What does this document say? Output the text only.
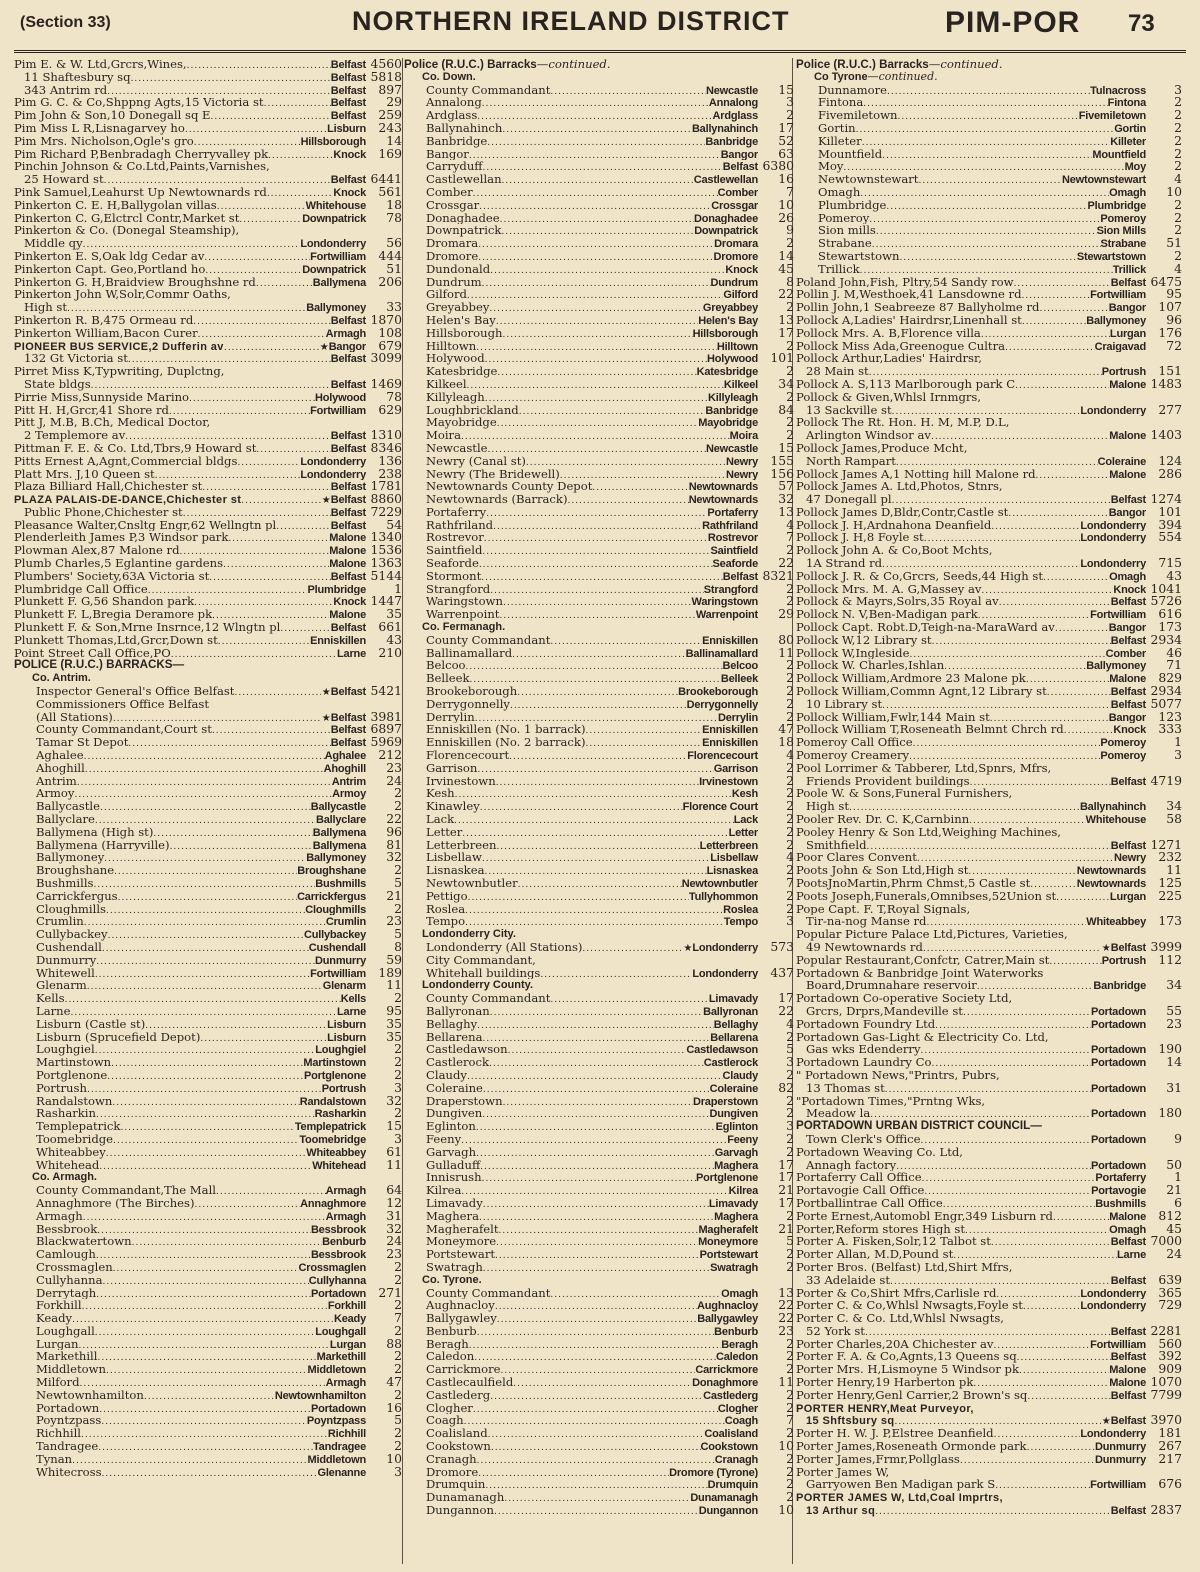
(Section 33)	NORTHERN IRELAND DISTRICT	PIM-POR 73
Pim E. & W. Ltd,Grcrs,Wines, .....	Belfast 4560
11 Shaftesbury sq .....	Belfast 5818
343 Antrim rd .....	Belfast 897
Pim G. C. & Co,Shppng Agts,15 Victoria st .....	Belfast	29
Pim John & Son,10 Donegall sq E .....	Belfast 259
Pim Miss L R,Lisnagarvey ho .....	Lisburn 243
Pim Mrs. Nicholson,Ogle's gro .....	Hillsborough	14
Pim Richard P,Benbradagh Cherryvalley pk .....	Knock 169
Pinchin Johnson & Co.Ltd,Paints,Varnishes,
25 Howard st .....	Belfast 6441
Pink Samuel,Leahurst Up Newtownards rd .....	Knock 561
Pinkerton C. E. H,Ballygolan villas .....	Whitehouse	18
Pinkerton C. G,Elctrcl Contr,Market st .....	Downpatrick	78
Pinkerton & Co. (Donegal Steamship),
Middle qy .....	Londonderry	56
Pinkerton E. S,Oak ldg Cedar av .....	Fortwilliam 444
Pinkerton Capt. Geo,Portland ho .....	Downpatrick	51
Pinkerton G. H,Braidview Broughshne rd .....	Ballymena 206
Pinkerton John W,Solr,Commr Oaths,
High st .....	Ballymoney	33
Pinkerton R. B,475 Ormeau rd .....	Belfast 1870
Pinkerton William,Bacon Curer .....	Armagh 108
PIONEER BUS SERVICE,2 Dufferin av .....	★ Bangor 679
132 Gt Victoria st .....	Belfast 3099
Pirret Miss K,Typwriting, Duplctng,
State bldgs .....	Belfast 1469
Pirrie Miss,Sunnyside Marino .....	Holywood	78
Pitt H. H,Grcr,41 Shore rd .....	Fortwilliam 629
Pitt J, M.B, B.Ch, Medical Doctor,
2 Templemore av .....	Belfast 1310
Pittman F. E. & Co. Ltd,Tbrs,9 Howard st .....	Belfast 8346
Pitts Ernest A,Agnt,Commercial bldgs .....	Londonderry 136
Platt Mrs. J,10 Queen st .....	Londonderry 238
Plaza Billiard Hall,Chichester st .....	Belfast 1781
PLAZA PALAIS-DE-DANCE,Chichester st .....	★ Belfast 8860
Public Phone,Chichester st .....	Belfast 7229
Pleasance Walter,Cnsltg Engr,62 Wellngtn pl .....	Belfast	54
Plenderleith James P,3 Windsor park .....	Malone 1340
Plowman Alex,87 Malone rd .....	Malone 1536
Plumb Charles,5 Eglantine gardens .....	Malone 1363
Plumbers' Society,63A Victoria st .....	Belfast 5144
Plumbridge Call Office .....	Plumbridge	1
Plunkett F. G,56 Shandon park .....	Knock 1447
Plunkett F. L,Bregia Deramore pk .....	Malone	35
Plunkett F. & Son,Mrne Insrnce,12 Wlngtn pl .....	Belfast 661
Plunkett Thomas,Ltd,Grcr,Down st .....	Enniskillen	43
Point Street Call Office,PO .....	Larne 210
POLICE (R.U.C.) BARRACKS—
Co. Antrim.
Inspector General's Office Belfast .....	★ Belfast 5421
Commissioners Office Belfast
(All Stations) .....	★ Belfast 3981
County Commandant,Court st .....	Belfast 6897
Tamar St Depot .....	Belfast 5969
Aghalee .....	Aghalee 212
Ahoghill .....	Ahoghill	23
Antrim .....	Antrim	24
Armoy .....	Armoy	2
Ballycastle .....	Ballycastle	2
Ballyclare .....	Ballyclare	22
Ballymena (High st) .....	Ballymena	96
Ballymena (Harryville) .....	Ballymena	81
Ballymoney .....	Ballymoney	32
Broughshane .....	Broughshane	2
Bushmills .....	Bushmills	5
Carrickfergus .....	Carrickfergus	21
Cloughmills .....	Cloughmills	2
Crumlin .....	Crumlin	23
Cullybackey .....	Cullybackey	5
Cushendall .....	Cushendall	8
Dunmurry .....	Dunmurry	59
Whitewell .....	Fortwilliam 189
Glenarm .....	Glenarm	11
Kells .....	Kells	2
Larne .....	Larne	95
Lisburn (Castle st) .....	Lisburn	35
Lisburn (Sprucefield Depot) .....	Lisburn	35
Loughgiel .....	Loughgiel	2
Martinstown .....	Martinstown	2
Portglenone .....	Portglenone	2
Portrush .....	Portrush	3
Randalstown .....	Randalstown	32
Rasharkin .....	Rasharkin	2
Templepatrick .....	Templepatrick	15
Toomebridge .....	Toomebridge	3
Whiteabbey .....	Whiteabbey	61
Whitehead .....	Whitehead	11
Co. Armagh.
County Commandant,The Mall .....	Armagh	64
Annaghmore (The Birches) .....	Annaghmore	12
Armagh .....	Armagh	31
Bessbrook .....	Bessbrook	32
Blackwatertown .....	Benburb	24
Camlough .....	Bessbrook	23
Crossmaglen .....	Crossmaglen	2
Cullyhanna .....	Cullyhanna	2
Derrytagh .....	Portadown 271
Forkhill .....	Forkhill	2
Keady .....	Keady	7
Loughgall .....	Loughgall	2
Lurgan .....	Lurgan	88
Markethill .....	Markethill	2
Middletown .....	Middletown	2
Milford .....	Armagh	47
Newtownhamilton .....	Newtownhamilton	2
Portadown .....	Portadown	16
Poyntzpass .....	Poyntzpass	5
Richhill .....	Richhill	2
Tandragee .....	Tandragee	2
Tynan .....	Middletown	10
Whitecross .....	Glenanne	3
Police (R.U.C.) Barracks—continued.
Co. Down.
County Commandant .....	Newcastle	15
Annalong .....	Annalong	3
Ardglass .....	Ardglass	2
Ballynahinch .....	Ballynahinch	17
Banbridge .....	Banbridge	52
Bangor .....	Bangor	63
Carryduff .....	Belfast 6380
Castlewellan .....	Castlewellan	16
Comber .....	Comber	7
Crossgar .....	Crossgar	10
Donaghadee .....	Donaghadee	26
Downpatrick .....	Downpatrick	9
Dromara .....	Dromara	2
Dromore .....	Dromore	14
Dundonald .....	Knock	45
Dundrum .....	Dundrum	8
Gilford .....	Gilford	22
Greyabbey .....	Greyabbey	2
Helen's Bay .....	Helen's Bay	13
Hillsborough .....	Hillsborough	17
Hilltown .....	Hilltown	2
Holywood .....	Holywood 101
Katesbridge .....	Katesbridge	2
Kilkeel .....	Kilkeel	34
Killyleagh .....	Killyleagh	2
Loughbrickland .....	Banbridge	84
Mayobridge .....	Mayobridge	2
Moira .....	Moira	2
Newcastle .....	Newcastle	15
Newry (Canal st) .....	Newry 155
Newry (The Bridewell) .....	Newry 156
Newtownards County Depot .....	Newtownards	57
Newtownards (Barrack) .....	Newtownards	32
Portaferry .....	Portaferry	13
Rathfriland .....	Rathfriland	4
Rostrevor .....	Rostrevor	7
Saintfield .....	Saintfield	2
Seaforde .....	Seaforde	22
Stormont .....	Belfast 8321
Strangford .....	Strangford	2
Waringstown .....	Waringstown	2
Warrenpoint .....	Warrenpoint	29
Co. Fermanagh.
County Commandant .....	Enniskillen	80
Ballinamallard .....	Ballinamallard	11
Belcoo .....	Belcoo	2
Belleek .....	Belleek	2
Brookeborough .....	Brookeborough	2
Derrygonnelly .....	Derrygonnelly	2
Derrylin .....	Derrylin	2
Enniskillen (No. 1 barrack) .....	Enniskillen	47
Enniskillen (No. 2 barrack) .....	Enniskillen	18
Florencecourt .....	Florencecourt	4
Garrison .....	Garrison	2
Irvinestown .....	Irvinestown	2
Kesh .....	Kesh	2
Kinawley .....	Florence Court	2
Lack .....	Lack	2
Letter .....	Letter	2
Letterbreen .....	Letterbreen	2
Lisbellaw .....	Lisbellaw	4
Lisnaskea .....	Lisnaskea	2
Newtownbutler .....	Newtownbutler	7
Pettigo .....	Tullyhommon	2
Roslea .....	Roslea	2
Tempo .....	Tempo	3
Londonderry City.
Londonderry (All Stations) .....	★ Londonderry 573
City Commandant,
Whitehall buildings .....	Londonderry 437
Londonderry County.
County Commandant .....	Limavady	17
Ballyronan .....	Ballyronan	22
Bellaghy .....	Bellaghy	4
Bellarena .....	Bellarena	2
Castledawson .....	Castledawson	5
Castlerock .....	Castlerock	3
Claudy .....	Claudy	2
Coleraine .....	Coleraine	82
Draperstown .....	Draperstown	2
Dungiven .....	Dungiven	2
Eglinton .....	Eglinton	3
Feeny .....	Feeny	2
Garvagh .....	Garvagh	2
Gulladuff .....	Maghera	17
Innisrush .....	Portglenone	17
Kilrea .....	Kilrea	21
Limavady .....	Limavady	17
Maghera .....	Maghera	2
Magherafelt .....	Magherafelt	21
Moneymore .....	Moneymore	5
Portstewart .....	Portstewart	2
Swatragh .....	Swatragh	2
Co. Tyrone.
County Commandant .....	Omagh	13
Aughnacloy .....	Aughnacloy	22
Ballygawley .....	Ballygawley	22
Benburb .....	Benburb	23
Beragh .....	Beragh	2
Caledon .....	Caledon	2
Carrickmore .....	Carrickmore	2
Castlecaulfield .....	Donaghmore	11
Castlederg .....	Castlederg	2
Clogher .....	Clogher	2
Coagh .....	Coagh	7
Coalisland .....	Coalisland	2
Cookstown .....	Cookstown	10
Cranagh .....	Cranagh	2
Dromore .....	Dromore (Tyrone)	2
Drumquin .....	Drumquin	2
Dunamanagh .....	Dunamanagh	2
Dungannon .....	Dungannon	10
Police (R.U.C.) Barracks—continued.
Co Tyrone—continued.
Dunnamore .....	Tulnacross	3
Fintona .....	Fintona	2
Fivemiletown .....	Fivemiletown	2
Gortin .....	Gortin	2
Killeter .....	Killeter	2
Mountfield .....	Mountfield	2
Moy .....	Moy	2
Newtownstewart .....	Newtownstewart	4
Omagh .....	Omagh	10
Plumbridge .....	Plumbridge	2
Pomeroy .....	Pomeroy	2
Sion mills .....	Sion Mills	2
Strabane .....	Strabane	51
Stewartstown .....	Stewartstown	2
Trillick .....	Trillick	4
Poland John,Fish, Pltry,54 Sandy row .....	Belfast 6475
Pollin J. M,Westhoek,41 Lansdowne rd .....	Fortwilliam	95
Pollin John,1 Seabreeze 87 Ballyholme rd .....	Bangor 107
Pollock A,Ladies' Hairdrsr,Linenhall st .....	Ballymoney	96
Pollock Mrs. A. B,Florence villa .....	Lurgan 176
Pollock Miss Ada,Greenogue Cultra .....	Craigavad	72
Pollock Arthur,Ladies' Hairdrsr,
28 Main st .....	Portrush 151
Pollock A. S,113 Marlborough park C .....	Malone 1483
Pollock & Given,Whlsl Irnmgrs,
13 Sackville st .....	Londonderry 277
Pollock The Rt. Hon. H. M, M.P, D.L,
Arlington Windsor av .....	Malone 1403
Pollock James,Produce Mcht,
North Rampart .....	Coleraine 124
Pollock James A,1 Notting hill Malone rd .....	Malone 286
Pollock James A. Ltd,Photos, Stnrs,
47 Donegall pl .....	Belfast 1274
Pollock James D,Bldr,Contr,Castle st .....	Bangor 101
Pollock J. H,Ardnahona Deanfield .....	Londonderry 394
Pollock J. H,8 Foyle st .....	Londonderry 554
Pollock John A. & Co,Boot Mchts,
1A Strand rd .....	Londonderry 715
Pollock J. R. & Co,Grcrs, Seeds,44 High st .....	Omagh	43
Pollock Mrs. M. A. G,Massey av .....	Knock 1041
Pollock & Mayrs,Solrs,35 Royal av .....	Belfast 5726
Pollock N. V,Ben-Madigan park .....	Fortwilliam 616
Pollock Capt. Robt.D,Teigh-na-MaraWard av .....	Bangor 173
Pollock W,12 Library st .....	Belfast 2934
Pollock W,Ingleside .....	Comber	46
Pollock W. Charles,Ishlan .....	Ballymoney	71
Pollock William,Ardmore 23 Malone pk .....	Malone 829
Pollock William,Commn Agnt,12 Library st .....	Belfast 2934
10 Library st .....	Belfast 5077
Pollock William,Fwlr,144 Main st .....	Bangor 123
Pollock William T,Roseneath Belmnt Chrch rd .....	Knock 333
Pomeroy Call Office .....	Pomeroy	1
Pomeroy Creamery .....	Pomeroy	3
Pool Lorrimer & Tabberer, Ltd,Spnrs, Mfrs,
Friends Provident buildings .....	Belfast 4719
Poole W. & Sons,Funeral Furnishers,
High st .....	Ballynahinch	34
Pooler Rev. Dr. C. K,Carnbinn .....	Whitehouse	58
Pooley Henry & Son Ltd,Weighing Machines,
Smithfield .....	Belfast 1271
Poor Clares Convent .....	Newry 232
Poots John & Son Ltd,High st .....	Newtownards	11
PootsJnoMartin,Phrm Chmst,5 Castle st .....	Newtownards 125
Poots Joseph,Funerals,Omnibses,52Union st .....	Lurgan 225
Pope Capt. F. T,Royal Signals,
Tir-na-nog Manse rd .....	Whiteabbey 173
Popular Picture Palace Ltd,Pictures, Varieties,
49 Newtownards rd .....	★ Belfast 3999
Popular Restaurant,Confctr, Catrer,Main st .....	Portrush 112
Portadown & Banbridge Joint Waterworks
Board,Drumnahare reservoir .....	Banbridge	34
Portadown Co-operative Society Ltd,
Grcrs, Drprs,Mandeville st .....	Portadown	55
Portadown Foundry Ltd .....	Portadown	23
Portadown Gas-Light & Electricity Co. Ltd,
Gas wks Edenderry .....	Portadown 190
Portadown Laundry Co .....	Portadown	14
" Portadown News,"Printrs, Pubrs,
13 Thomas st .....	Portadown	31
"Portadown Times,"Prntng Wks,
Meadow la .....	Portadown 180
PORTADOWN URBAN DISTRICT COUNCIL—
Town Clerk's Office .....	Portadown	9
Portadown Weaving Co. Ltd,
Annagh factory .....	Portadown	50
Portaferry Call Office .....	Portaferry	1
Portavogie Call Office .....	Portavogie	21
Portballintrae Call Office .....	Bushmills	6
Porte Ernest,Automobl Engr,349 Lisburn rd .....	Malone 812
Porter,Reform stores High st .....	Omagh	45
Porter A. Fisken,Solr,12 Talbot st .....	Belfast 7000
Porter Allan, M.D,Pound st .....	Larne	24
Porter Bros. (Belfast) Ltd,Shirt Mfrs,
33 Adelaide st .....	Belfast 639
Porter & Co,Shirt Mfrs,Carlisle rd .....	Londonderry 365
Porter C. & Co,Whlsl Nwsagts,Foyle st .....	Londonderry 729
Porter C. & Co. Ltd,Whlsl Nwsagts,
52 York st .....	Belfast 2281
Porter Charles,20A Chichester av .....	Fortwilliam 560
Porter F. A. & Co,Agnts,13 Queens sq .....	Belfast 392
Porter Mrs. H,Lismoyne 5 Windsor pk .....	Malone 909
Porter Henry,19 Harberton pk .....	Malone 1070
Porter Henry,Genl Carrier,2 Brown's sq .....	Belfast 7799
PORTER HENRY,Meat Purveyor,
15 Shftsbury sq .....	★ Belfast 3970
Porter H. W. J. P,Elstree Deanfield .....	Londonderry 181
Porter James,Roseneath Ormonde park .....	Dunmurry 267
Porter James,Frmr,Pollglass .....	Dunmurry 217
Porter James W,
Garryowen Ben Madigan park S .....	Fortwilliam 676
PORTER JAMES W, Ltd,Coal Imprtrs,
13 Arthur sq .....	Belfast 2837
